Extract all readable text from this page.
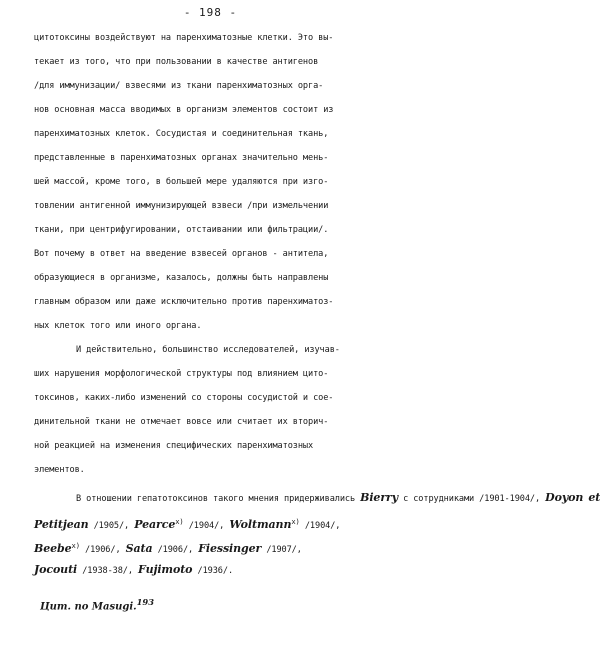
- 198 -
цитотоксины воздействуют на паренхиматозные клетки. Это вы-
текает из того, что при пользовании в качестве антигенов
/для иммунизации/ взвесями из ткани паренхиматозных орга-
нов основная масса вводимых в организм элементов состоит из
паренхиматозных клеток. Сосудистая и соединительная ткань,
представленные в паренхиматозных органах значительно мень-
шей массой, кроме того, в большей мере удаляются при изго-
товлении антигенной иммунизирующей взвеси /при измельчении
ткани, при центрифугировании, отстаивании или фильтрации/.
Вот почему в ответ на введение взвесей органов - антитела,
образующиеся в организме, казалось, должны быть направлены
главным образом или даже исключительно против паренхиматоз-
ных клеток того или иного органа.
И действительно, большинство исследователей, изучав-
ших нарушения морфологической структуры под влиянием цито-
токсинов, каких-либо изменений со стороны сосудистой и сое-
динительной ткани не отмечает вовсе или считает их вторич-
ной реакцией на изменения специфических паренхиматозных
элементов.
В отношении гепатотоксинов такого мнения придерживались Bierry с сотрудниками /1901-1904/, Doyon et
Petitjean /1905/, Pearce$^{x)}$ /1904/, Woltmann$^{x)}$ /1904/,
Beebe$^{x)}$ /1906/, Sata /1906/, Fiessinger /1907/,
Jocouti /1938-38/, Fujimoto /1936/.
Цит. по Masugi.$^{193}$
